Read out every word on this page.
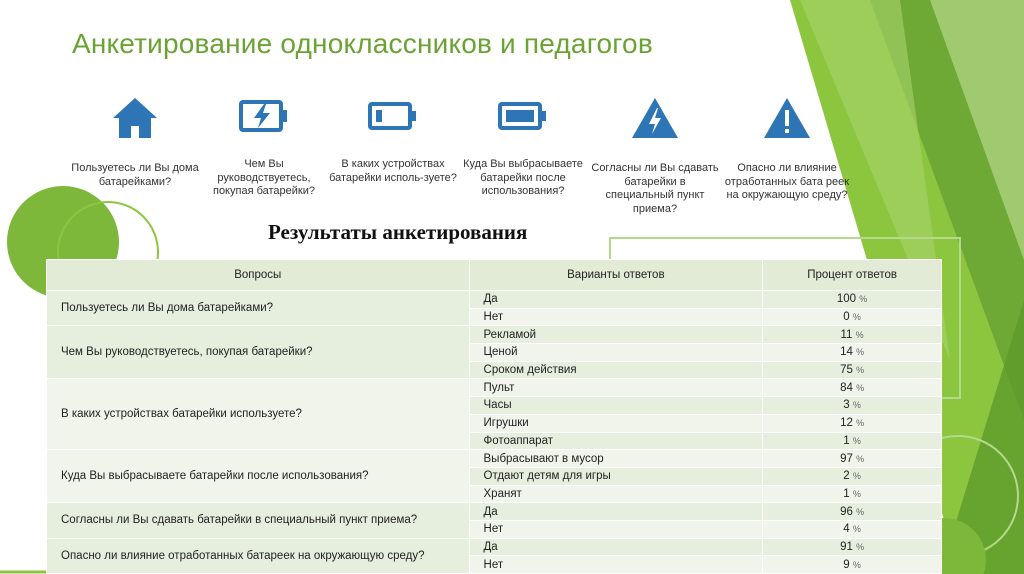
Анкетирование одноклассников и педагогов
Пользуетесь ли Вы дома батарейками?
Чем Вы руководствуетесь, покупая батарейки?
В каких устройствах батарейки исполь-зуете?
Куда Вы выбрасываете батарейки после использования?
Согласны ли Вы сдавать батарейки в специальный пункт приема?
Опасно ли влияние отработанных бата реек на окружающую среду?
Результаты анкетирования
Вопросы	Варианты ответов	Процент ответов
Пользуетесь ли Вы дома батарейками?	Да	100 %
	Нет	0 %
Чем Вы руководствуетесь, покупая батарейки?	Рекламой	11 %
	Ценой	14 %
	Сроком действия	75 %
В каких устройствах батарейки используете?	Пульт	84 %
	Часы	3 %
	Игрушки	12 %
	Фотоаппарат	1 %
Куда Вы выбрасываете батарейки после использования?	Выбрасывают в мусор	97 %
	Отдают детям для игры	2 %
	Хранят	1 %
Согласны ли Вы сдавать батарейки в специальный пункт приема?	Да	96 %
	Нет	4 %
Опасно ли влияние отработанных батареек на окружающую среду?	Да	91 %
	Нет	9 %
